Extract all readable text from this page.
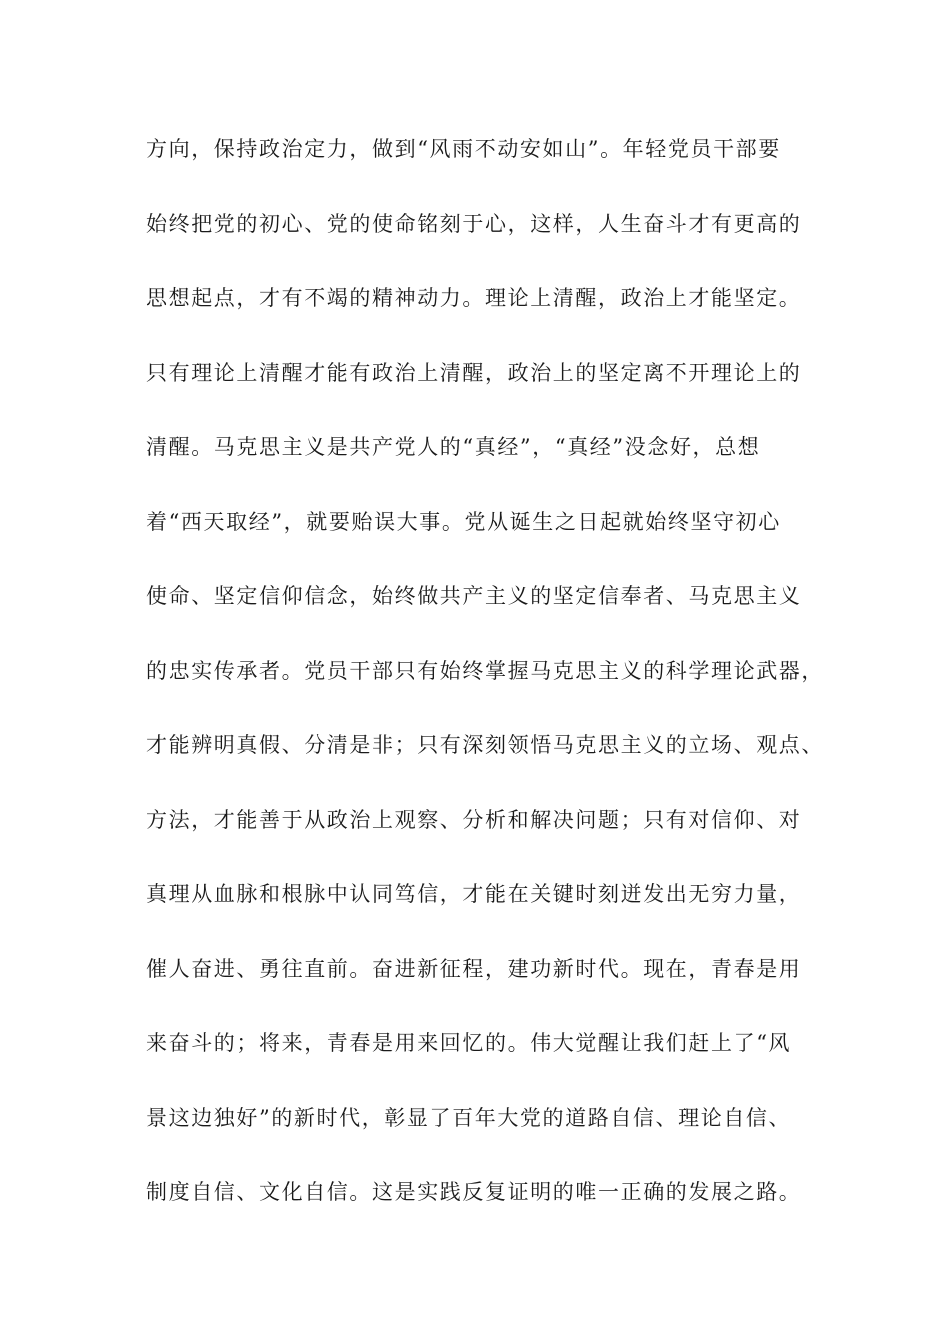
方向，保持政治定力，做到“风雨不动安如山”。年轻党员干部要
始终把党的初心、党的使命铭刻于心，这样，人生奋斗才有更高的
思想起点，才有不竭的精神动力。理论上清醒，政治上才能坚定。
只有理论上清醒才能有政治上清醒，政治上的坚定离不开理论上的
清醒。马克思主义是共产党人的“真经”，“真经”没念好，总想
着“西天取经”，就要贻误大事。党从诞生之日起就始终坚守初心
使命、坚定信仰信念，始终做共产主义的坚定信奉者、马克思主义
的忠实传承者。党员干部只有始终掌握马克思主义的科学理论武器，
才能辨明真假、分清是非；只有深刻领悟马克思主义的立场、观点、
方法，才能善于从政治上观察、分析和解决问题；只有对信仰、对
真理从血脉和根脉中认同笃信，才能在关键时刻迸发出无穷力量，
催人奋进、勇往直前。奋进新征程，建功新时代。现在，青春是用
来奋斗的；将来，青春是用来回忆的。伟大觉醒让我们赶上了“风
景这边独好”的新时代，彰显了百年大党的道路自信、理论自信、
制度自信、文化自信。这是实践反复证明的唯一正确的发展之路。
